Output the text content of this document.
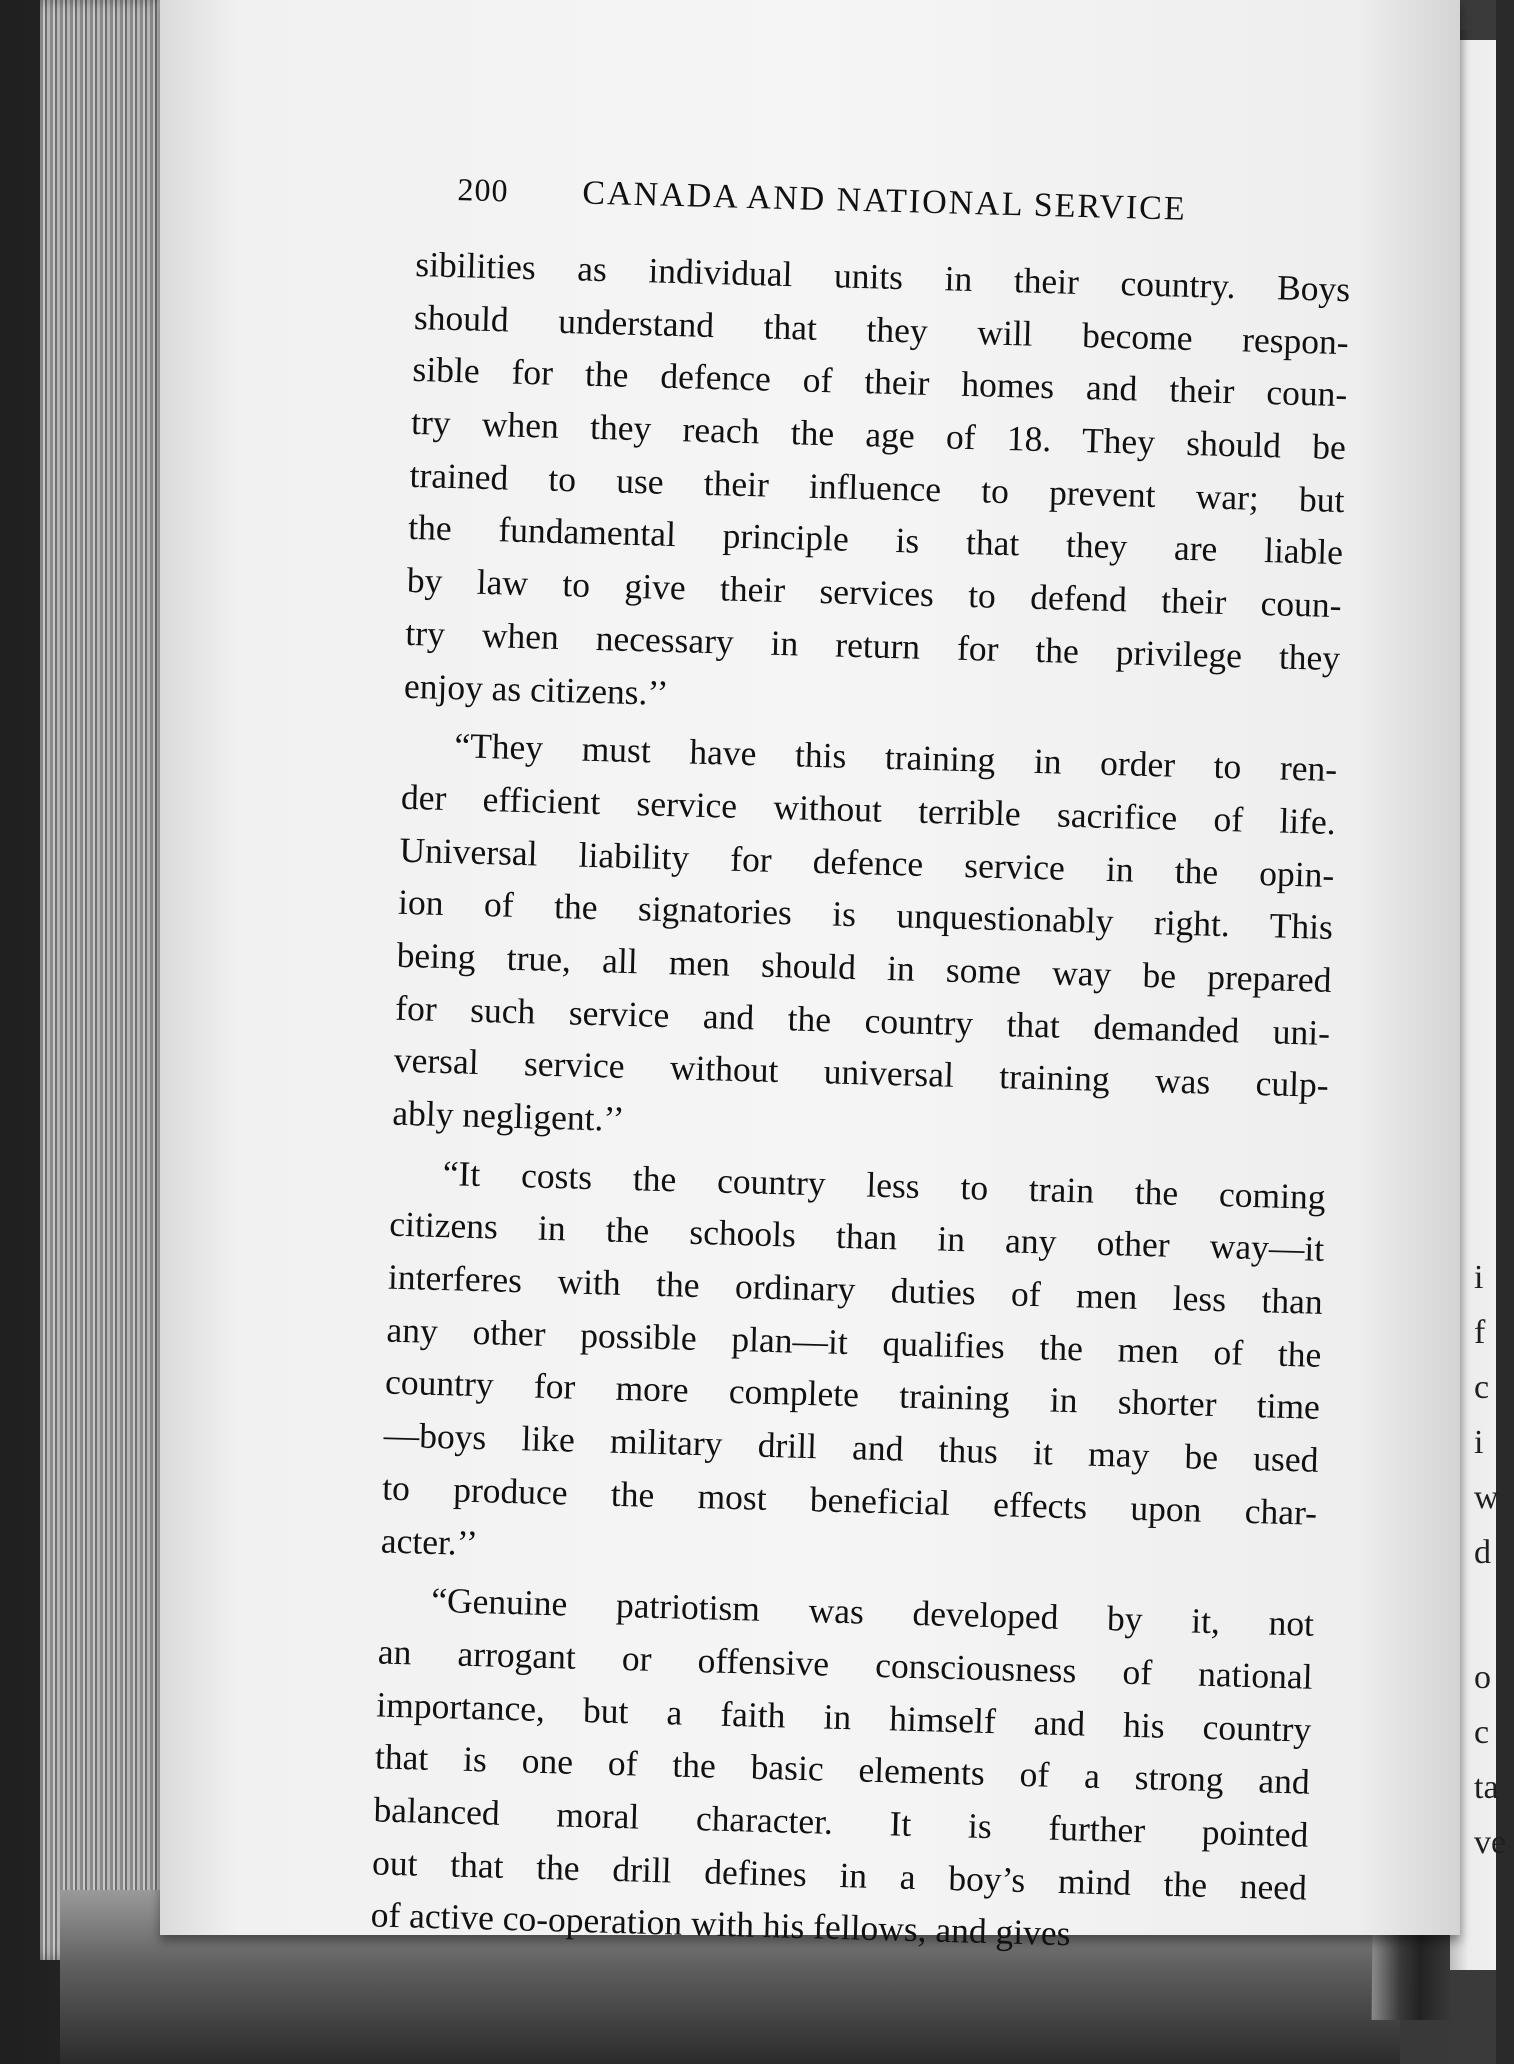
i
f
c
i
w
d
o
c
ta
ve
200 CANADA AND NATIONAL SERVICE
sibilities as individual units in their country. Boys
should understand that they will become respon-
sible for the defence of their homes and their coun-
try when they reach the age of 18. They should be
trained to use their influence to prevent war; but
the fundamental principle is that they are liable
by law to give their services to defend their coun-
try when necessary in return for the privilege they
enjoy as citizens.’’
“They must have this training in order to ren-
der efficient service without terrible sacrifice of life.
Universal liability for defence service in the opin-
ion of the signatories is unquestionably right. This
being true, all men should in some way be prepared
for such service and the country that demanded uni-
versal service without universal training was culp-
ably negligent.’’
“It costs the country less to train the coming
citizens in the schools than in any other way—it
interferes with the ordinary duties of men less than
any other possible plan—it qualifies the men of the
country for more complete training in shorter time
—boys like military drill and thus it may be used
to produce the most beneficial effects upon char-
acter.’’
“Genuine patriotism was developed by it, not
an arrogant or offensive consciousness of national
importance, but a faith in himself and his country
that is one of the basic elements of a strong and
balanced moral character. It is further pointed
out that the drill defines in a boy’s mind the need
of active co-operation with his fellows, and gives
